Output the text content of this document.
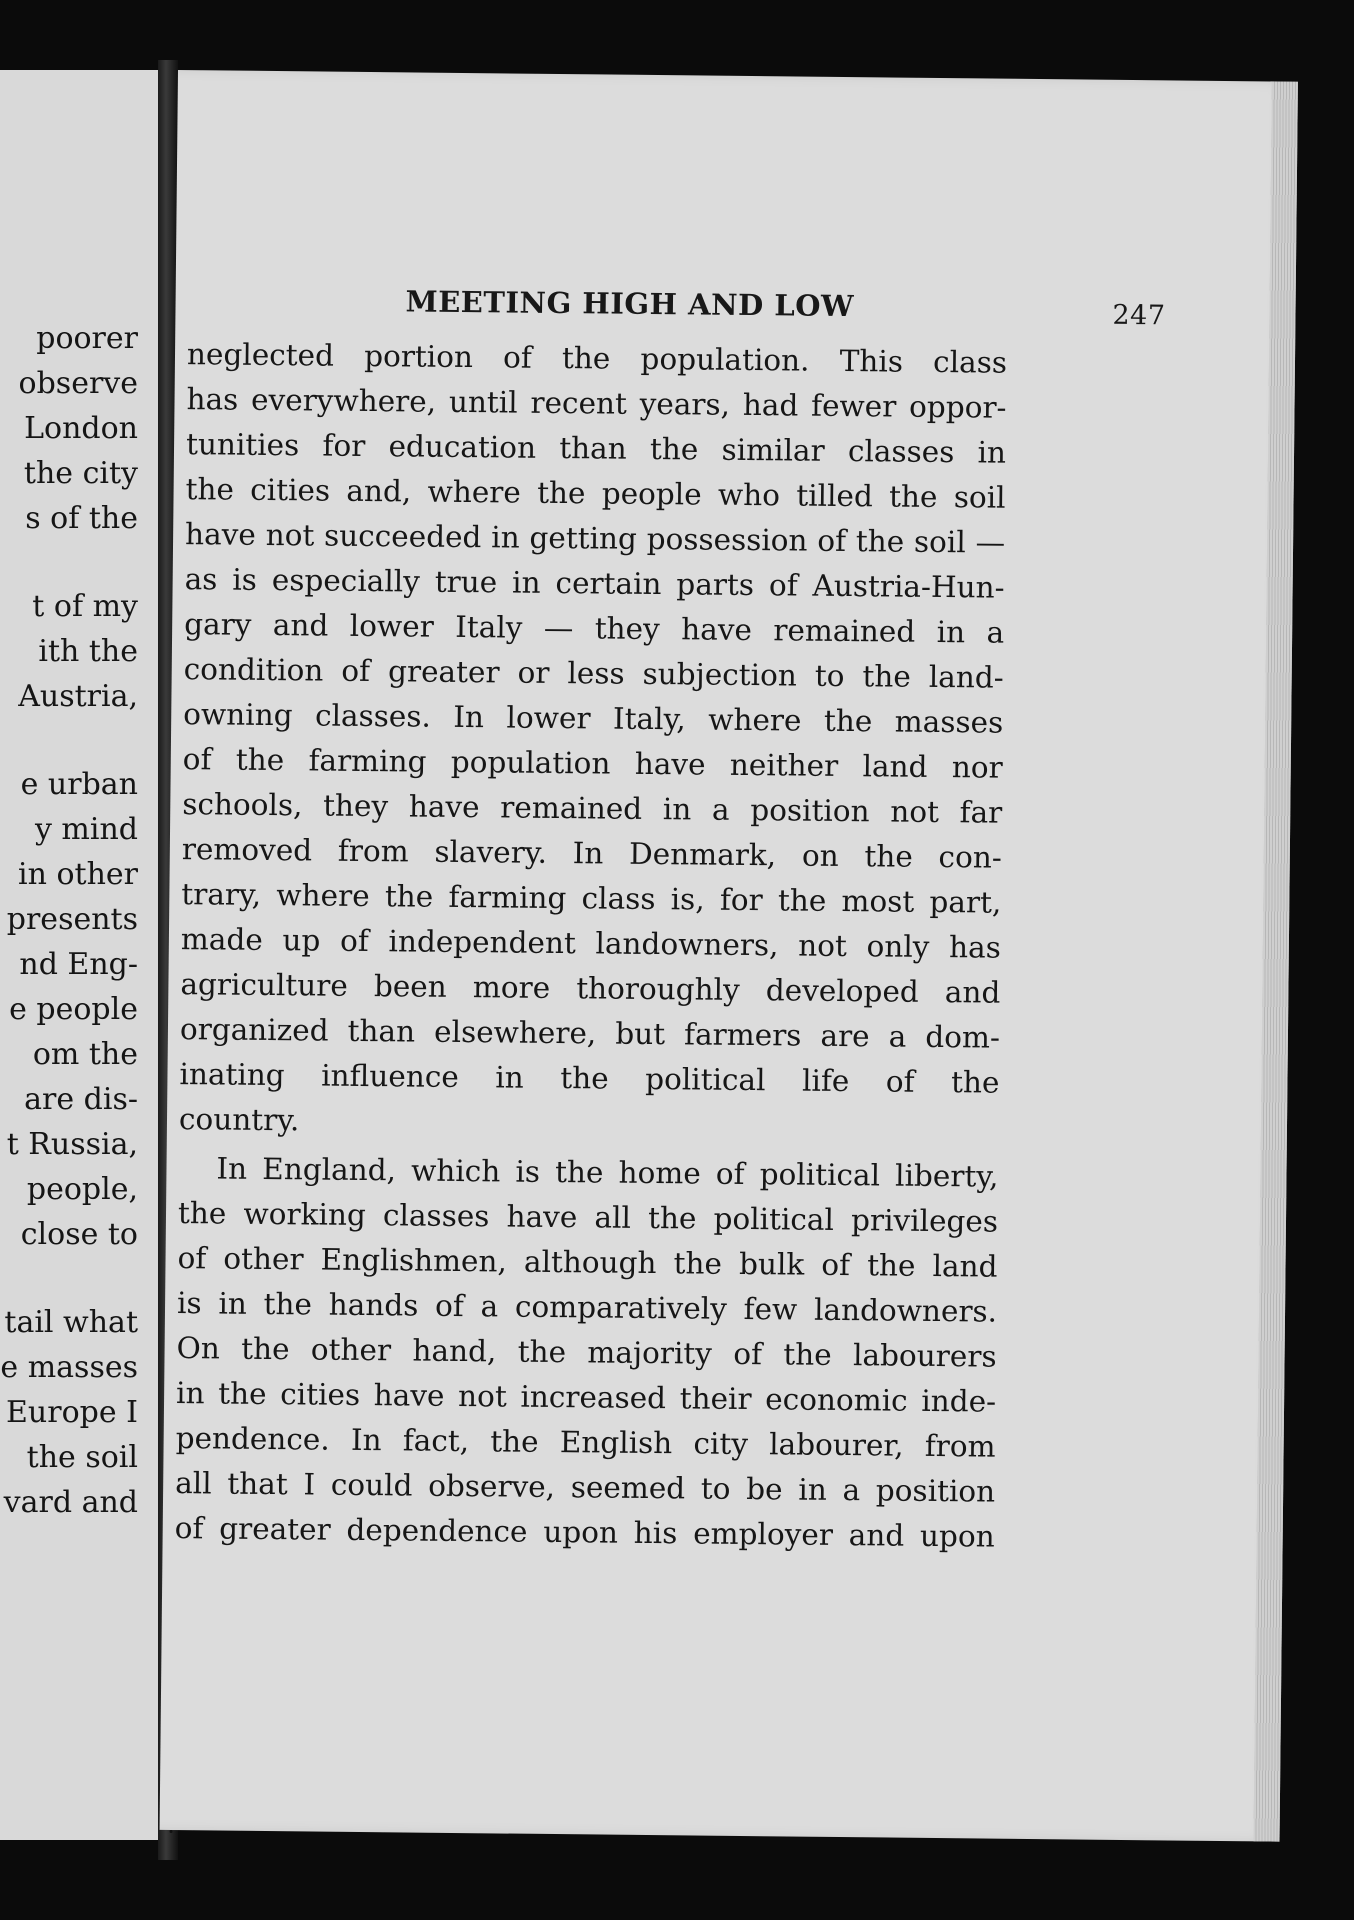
poorer
observe
London
the city
s of the
t of my
ith the
Austria,
e urban
y mind
in other
presents
nd Eng-
e people
om the
are dis-
t Russia,
people,
close to
tail what
e masses
Europe I
the soil
vard and
MEETING HIGH AND LOW	247
neglected portion of the population. This class
has everywhere, until recent years, had fewer oppor-
tunities for education than the similar classes in
the cities and, where the people who tilled the soil
have not succeeded in getting possession of the soil —
as is especially true in certain parts of Austria-Hun-
gary and lower Italy — they have remained in a
condition of greater or less subjection to the land-
owning classes. In lower Italy, where the masses
of the farming population have neither land nor
schools, they have remained in a position not far
removed from slavery. In Denmark, on the con-
trary, where the farming class is, for the most part,
made up of independent landowners, not only has
agriculture been more thoroughly developed and
organized than elsewhere, but farmers are a dom-
inating influence in the political life of the
country.
In England, which is the home of political liberty,
the working classes have all the political privileges
of other Englishmen, although the bulk of the land
is in the hands of a comparatively few landowners.
On the other hand, the majority of the labourers
in the cities have not increased their economic inde-
pendence. In fact, the English city labourer, from
all that I could observe, seemed to be in a position
of greater dependence upon his employer and upon
